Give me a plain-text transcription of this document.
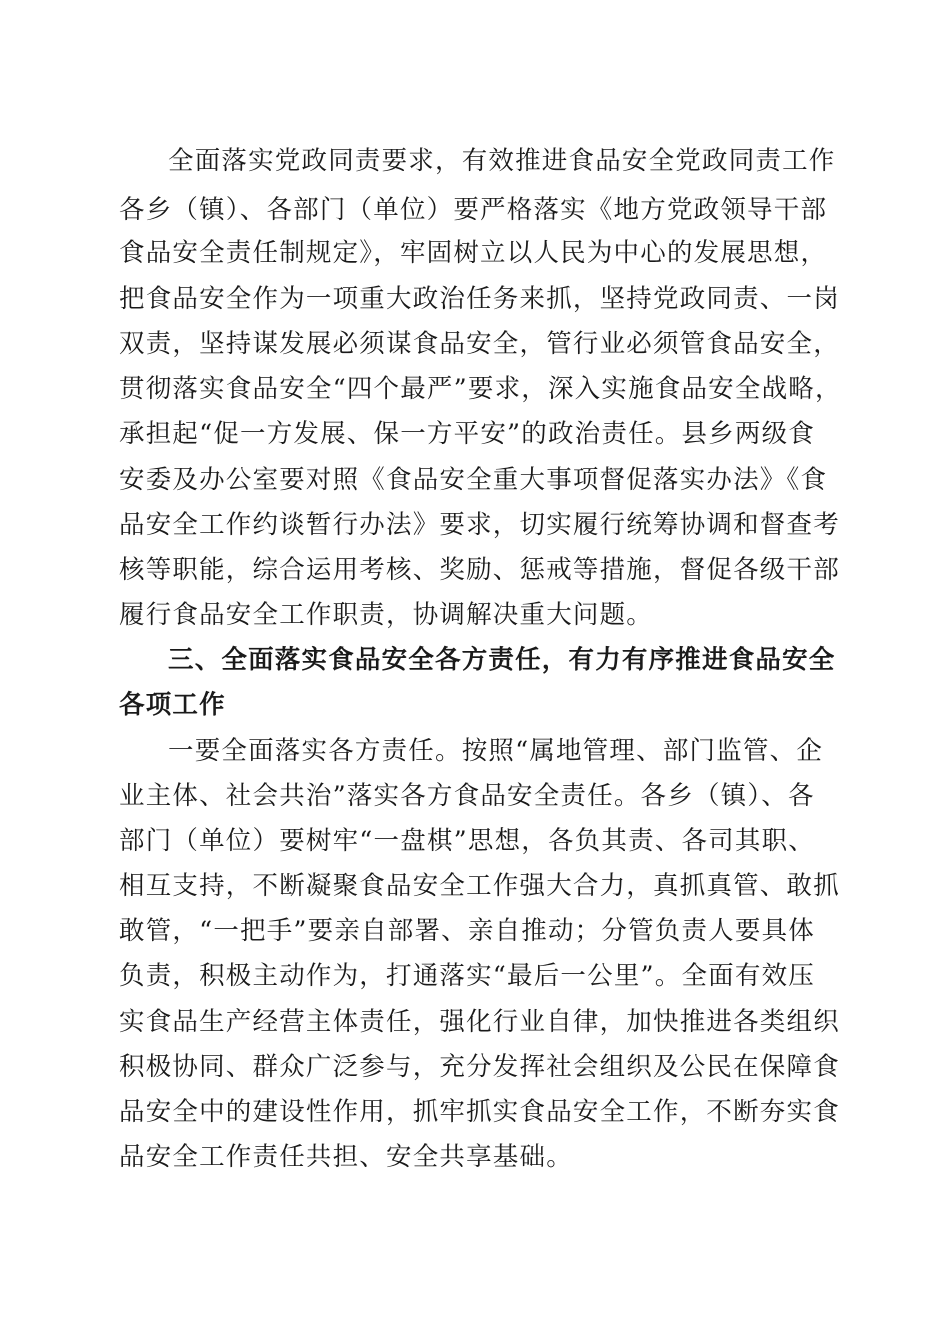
全面落实党政同责要求，有效推进食品安全党政同责工作
各乡（镇）、各部门（单位）要严格落实《地方党政领导干部
食品安全责任制规定》，牢固树立以人民为中心的发展思想，
把食品安全作为一项重大政治任务来抓，坚持党政同责、一岗
双责，坚持谋发展必须谋食品安全，管行业必须管食品安全，
贯彻落实食品安全“四个最严”要求，深入实施食品安全战略，
承担起“促一方发展、保一方平安”的政治责任。县乡两级食
安委及办公室要对照《食品安全重大事项督促落实办法》《食
品安全工作约谈暂行办法》要求，切实履行统筹协调和督查考
核等职能，综合运用考核、奖励、惩戒等措施，督促各级干部
履行食品安全工作职责，协调解决重大问题。
三、全面落实食品安全各方责任，有力有序推进食品安全
各项工作
一要全面落实各方责任。按照“属地管理、部门监管、企
业主体、社会共治”落实各方食品安全责任。各乡（镇）、各
部门（单位）要树牢“一盘棋”思想，各负其责、各司其职、
相互支持，不断凝聚食品安全工作强大合力，真抓真管、敢抓
敢管，“一把手”要亲自部署、亲自推动；分管负责人要具体
负责，积极主动作为，打通落实“最后一公里”。全面有效压
实食品生产经营主体责任，强化行业自律，加快推进各类组织
积极协同、群众广泛参与，充分发挥社会组织及公民在保障食
品安全中的建设性作用，抓牢抓实食品安全工作，不断夯实食
品安全工作责任共担、安全共享基础。
